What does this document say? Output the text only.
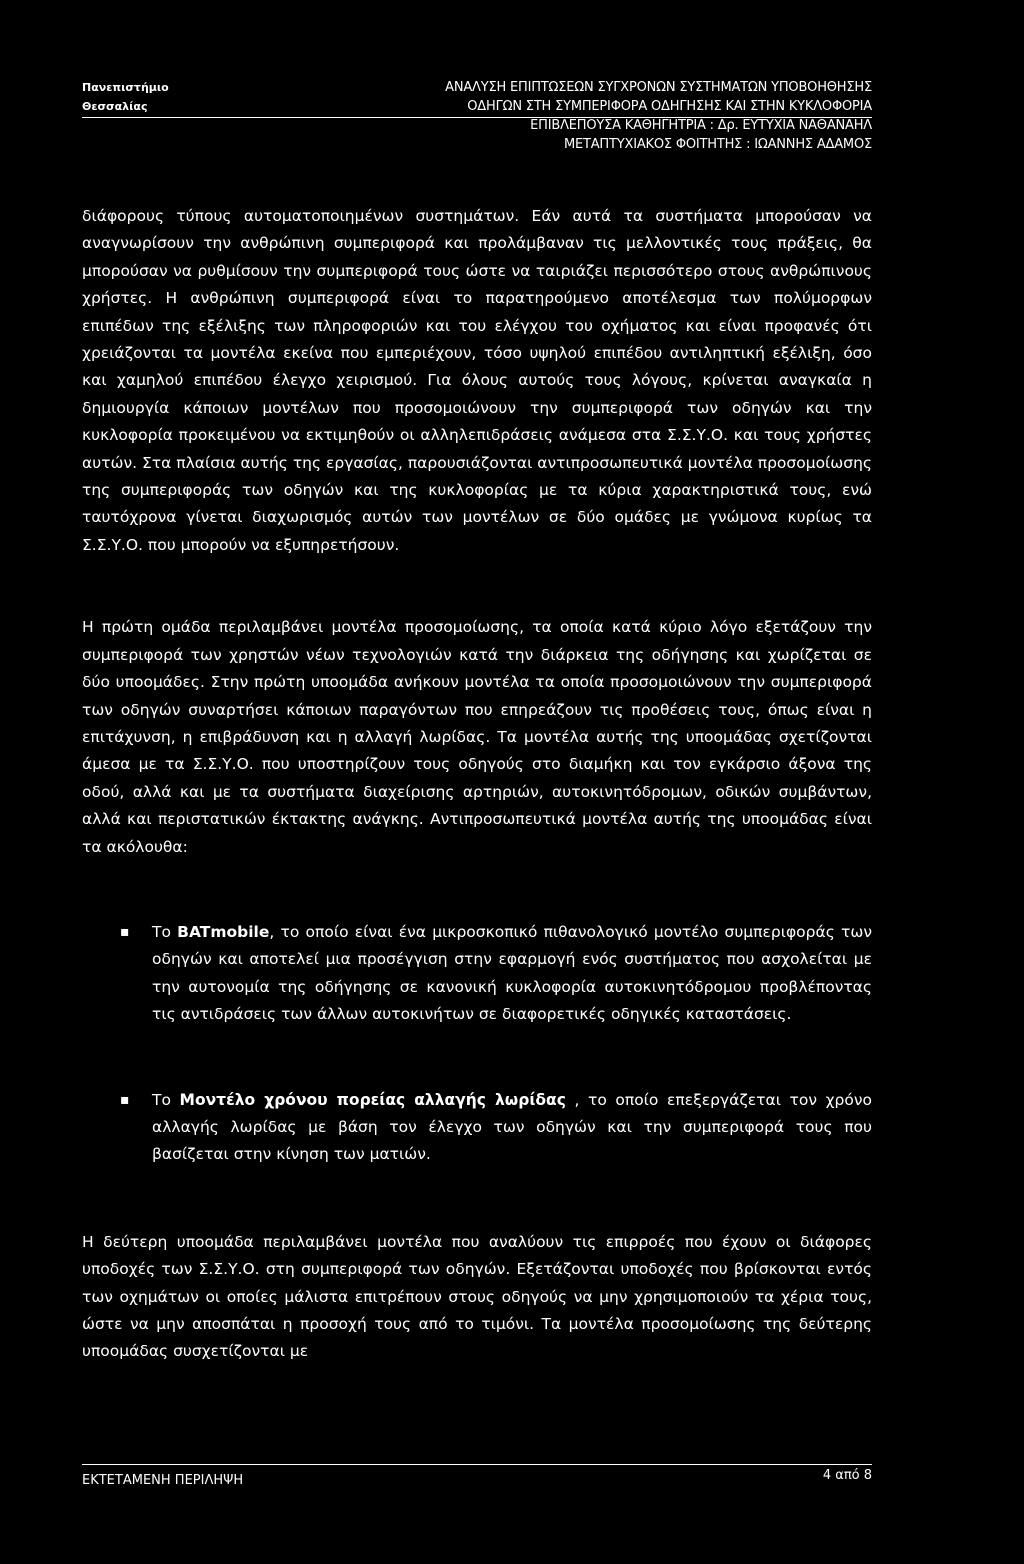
Πανεπιστήμιο
Θεσσαλίας
ΑΝΑΛΥΣΗ ΕΠΙΠΤΩΣΕΩΝ ΣΥΓΧΡΟΝΩΝ ΣΥΣΤΗΜΑΤΩΝ ΥΠΟΒΟΗΘΗΣΗΣ
ΟΔΗΓΩΝ ΣΤΗ ΣΥΜΠΕΡΙΦΟΡΑ ΟΔΗΓΗΣΗΣ ΚΑΙ ΣΤΗΝ ΚΥΚΛΟΦΟΡΙΑ
ΕΠΙΒΛΕΠΟΥΣΑ ΚΑΘΗΓΗΤΡΙΑ : Δρ. ΕΥΤΥΧΙΑ ΝΑΘΑΝΑΗΛ
ΜΕΤΑΠΤΥΧΙΑΚΟΣ ΦΟΙΤΗΤΗΣ : ΙΩΑΝΝΗΣ ΑΔΑΜΟΣ

διάφορους τύπους αυτοματοποιημένων συστημάτων. Εάν αυτά τα συστήματα μπορούσαν να αναγνωρίσουν την ανθρώπινη συμπεριφορά και προλάμβαναν τις μελλοντικές τους πράξεις, θα μπορούσαν να ρυθμίσουν την συμπεριφορά τους ώστε να ταιριάζει περισσότερο στους ανθρώπινους χρήστες. Η ανθρώπινη συμπεριφορά είναι το παρατηρούμενο αποτέλεσμα των πολύμορφων επιπέδων της εξέλιξης των πληροφοριών και του ελέγχου του οχήματος και είναι προφανές ότι χρειάζονται τα μοντέλα εκείνα που εμπεριέχουν, τόσο υψηλού επιπέδου αντιληπτική εξέλιξη, όσο και χαμηλού επιπέδου έλεγχο χειρισμού. Για όλους αυτούς τους λόγους, κρίνεται αναγκαία η δημιουργία κάποιων μοντέλων που προσομοιώνουν την συμπεριφορά των οδηγών και την κυκλοφορία προκειμένου να εκτιμηθούν οι αλληλεπιδράσεις ανάμεσα στα Σ.Σ.Υ.Ο. και τους χρήστες αυτών. Στα πλαίσια αυτής της εργασίας, παρουσιάζονται αντιπροσωπευτικά μοντέλα προσομοίωσης της συμπεριφοράς των οδηγών και της κυκλοφορίας με τα κύρια χαρακτηριστικά τους, ενώ ταυτόχρονα γίνεται διαχωρισμός αυτών των μοντέλων σε δύο ομάδες με γνώμονα κυρίως τα Σ.Σ.Υ.Ο. που μπορούν να εξυπηρετήσουν.

Η πρώτη ομάδα περιλαμβάνει μοντέλα προσομοίωσης, τα οποία κατά κύριο λόγο εξετάζουν την συμπεριφορά των χρηστών νέων τεχνολογιών κατά την διάρκεια της οδήγησης και χωρίζεται σε δύο υποομάδες. Στην πρώτη υποομάδα ανήκουν μοντέλα τα οποία προσομοιώνουν την συμπεριφορά των οδηγών συναρτήσει κάποιων παραγόντων που επηρεάζουν τις προθέσεις τους, όπως είναι η επιτάχυνση, η επιβράδυνση και η αλλαγή λωρίδας. Τα μοντέλα αυτής της υποομάδας σχετίζονται άμεσα με τα Σ.Σ.Υ.Ο. που υποστηρίζουν τους οδηγούς στο διαμήκη και τον εγκάρσιο άξονα της οδού, αλλά και με τα συστήματα διαχείρισης αρτηριών, αυτοκινητόδρομων, οδικών συμβάντων, αλλά και περιστατικών έκτακτης ανάγκης. Αντιπροσωπευτικά μοντέλα αυτής της υποομάδας είναι τα ακόλουθα:

▪ Το BATmobile, το οποίο είναι ένα μικροσκοπικό πιθανολογικό μοντέλο συμπεριφοράς των οδηγών και αποτελεί μια προσέγγιση στην εφαρμογή ενός συστήματος που ασχολείται με την αυτονομία της οδήγησης σε κανονική κυκλοφορία αυτοκινητόδρομου προβλέποντας τις αντιδράσεις των άλλων αυτοκινήτων σε διαφορετικές οδηγικές καταστάσεις.

▪ Το Μοντέλο χρόνου πορείας αλλαγής λωρίδας , το οποίο επεξεργάζεται τον χρόνο αλλαγής λωρίδας με βάση τον έλεγχο των οδηγών και την συμπεριφορά τους που βασίζεται στην κίνηση των ματιών.

Η δεύτερη υποομάδα περιλαμβάνει μοντέλα που αναλύουν τις επιρροές που έχουν οι διάφορες υποδοχές των Σ.Σ.Υ.Ο. στη συμπεριφορά των οδηγών. Εξετάζονται υποδοχές που βρίσκονται εντός των οχημάτων οι οποίες μάλιστα επιτρέπουν στους οδηγούς να μην χρησιμοποιούν τα χέρια τους, ώστε να μην αποσπάται η προσοχή τους από το τιμόνι. Τα μοντέλα προσομοίωσης της δεύτερης υποομάδας συσχετίζονται με

ΕΚΤΕΤΑΜΕΝΗ ΠΕΡΙΛΗΨΗ	4 από 8
